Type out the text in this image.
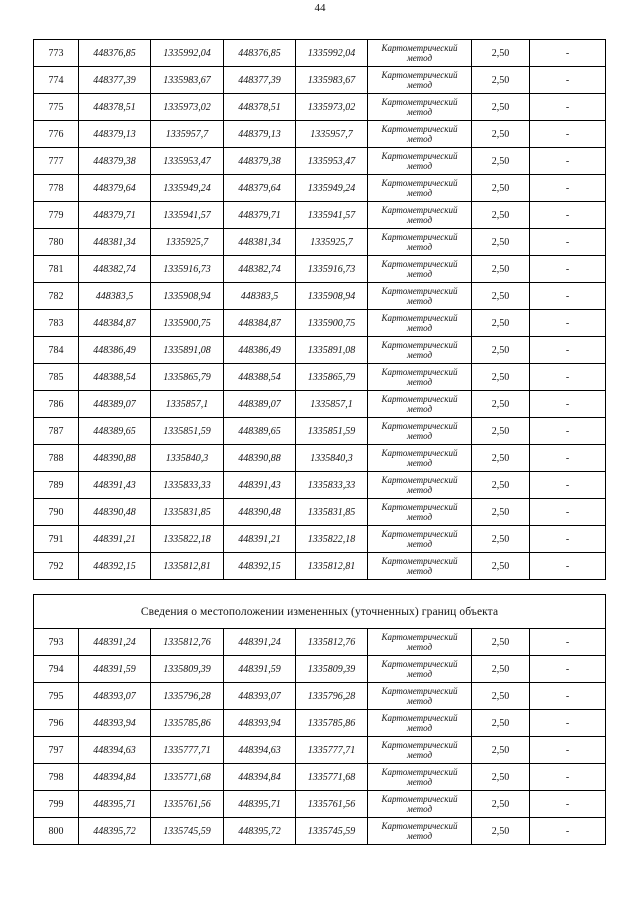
44
773	448376,85	1335992,04	448376,85	1335992,04	Картометрический метод	2,50	-
774	448377,39	1335983,67	448377,39	1335983,67	Картометрический метод	2,50	-
775	448378,51	1335973,02	448378,51	1335973,02	Картометрический метод	2,50	-
776	448379,13	1335957,7	448379,13	1335957,7	Картометрический метод	2,50	-
777	448379,38	1335953,47	448379,38	1335953,47	Картометрический метод	2,50	-
778	448379,64	1335949,24	448379,64	1335949,24	Картометрический метод	2,50	-
779	448379,71	1335941,57	448379,71	1335941,57	Картометрический метод	2,50	-
780	448381,34	1335925,7	448381,34	1335925,7	Картометрический метод	2,50	-
781	448382,74	1335916,73	448382,74	1335916,73	Картометрический метод	2,50	-
782	448383,5	1335908,94	448383,5	1335908,94	Картометрический метод	2,50	-
783	448384,87	1335900,75	448384,87	1335900,75	Картометрический метод	2,50	-
784	448386,49	1335891,08	448386,49	1335891,08	Картометрический метод	2,50	-
785	448388,54	1335865,79	448388,54	1335865,79	Картометрический метод	2,50	-
786	448389,07	1335857,1	448389,07	1335857,1	Картометрический метод	2,50	-
787	448389,65	1335851,59	448389,65	1335851,59	Картометрический метод	2,50	-
788	448390,88	1335840,3	448390,88	1335840,3	Картометрический метод	2,50	-
789	448391,43	1335833,33	448391,43	1335833,33	Картометрический метод	2,50	-
790	448390,48	1335831,85	448390,48	1335831,85	Картометрический метод	2,50	-
791	448391,21	1335822,18	448391,21	1335822,18	Картометрический метод	2,50	-
792	448392,15	1335812,81	448392,15	1335812,81	Картометрический метод	2,50	-
Сведения о местоположении измененных (уточненных) границ объекта							
793	448391,24	1335812,76	448391,24	1335812,76	Картометрический метод	2,50	-
794	448391,59	1335809,39	448391,59	1335809,39	Картометрический метод	2,50	-
795	448393,07	1335796,28	448393,07	1335796,28	Картометрический метод	2,50	-
796	448393,94	1335785,86	448393,94	1335785,86	Картометрический метод	2,50	-
797	448394,63	1335777,71	448394,63	1335777,71	Картометрический метод	2,50	-
798	448394,84	1335771,68	448394,84	1335771,68	Картометрический метод	2,50	-
799	448395,71	1335761,56	448395,71	1335761,56	Картометрический метод	2,50	-
800	448395,72	1335745,59	448395,72	1335745,59	Картометрический метод	2,50	-
